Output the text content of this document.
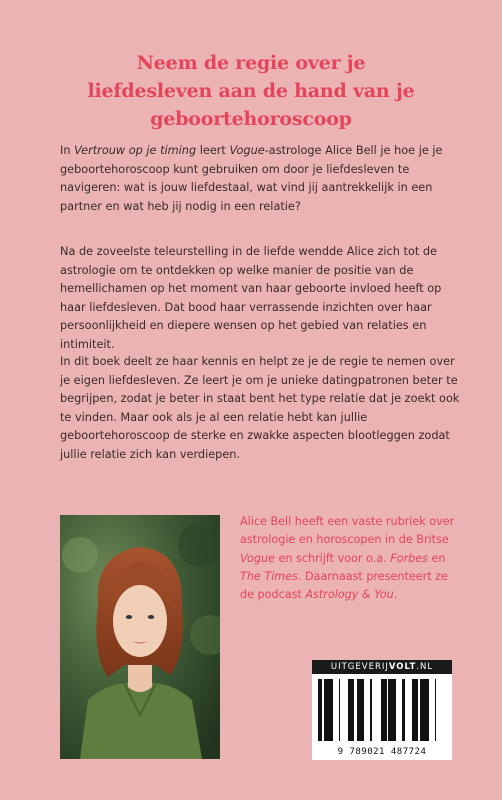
Neem de regie over je
liefdesleven aan de hand van je
geboortehoroscoop

In Vertrouw op je timing leert Vogue-astrologe Alice Bell je hoe je je geboortehoroscoop kunt gebruiken om door je liefdesleven te navigeren: wat is jouw liefdestaal, wat vind jij aantrekkelijk in een partner en wat heb jij nodig in een relatie?

Na de zoveelste teleurstelling in de liefde wendde Alice zich tot de astrologie om te ontdekken op welke manier de positie van de hemellichamen op het moment van haar geboorte invloed heeft op haar liefdesleven. Dat bood haar verrassende inzichten over haar persoonlijkheid en diepere wensen op het gebied van relaties en intimiteit.

In dit boek deelt ze haar kennis en helpt ze je de regie te nemen over je eigen liefdesleven. Ze leert je om je unieke datingpatronen beter te begrijpen, zodat je beter in staat bent het type relatie dat je zoekt ook te vinden. Maar ook als je al een relatie hebt kan jullie geboortehoroscoop de sterke en zwakke aspecten blootleggen zodat jullie relatie zich kan verdiepen.

Alice Bell heeft een vaste rubriek over astrologie en horoscopen in de Britse Vogue en schrijft voor o.a. Forbes en The Times. Daarnaast presenteert ze de podcast Astrology & You.
UITGEVERIJVOLT.NL
9 789021 487724
